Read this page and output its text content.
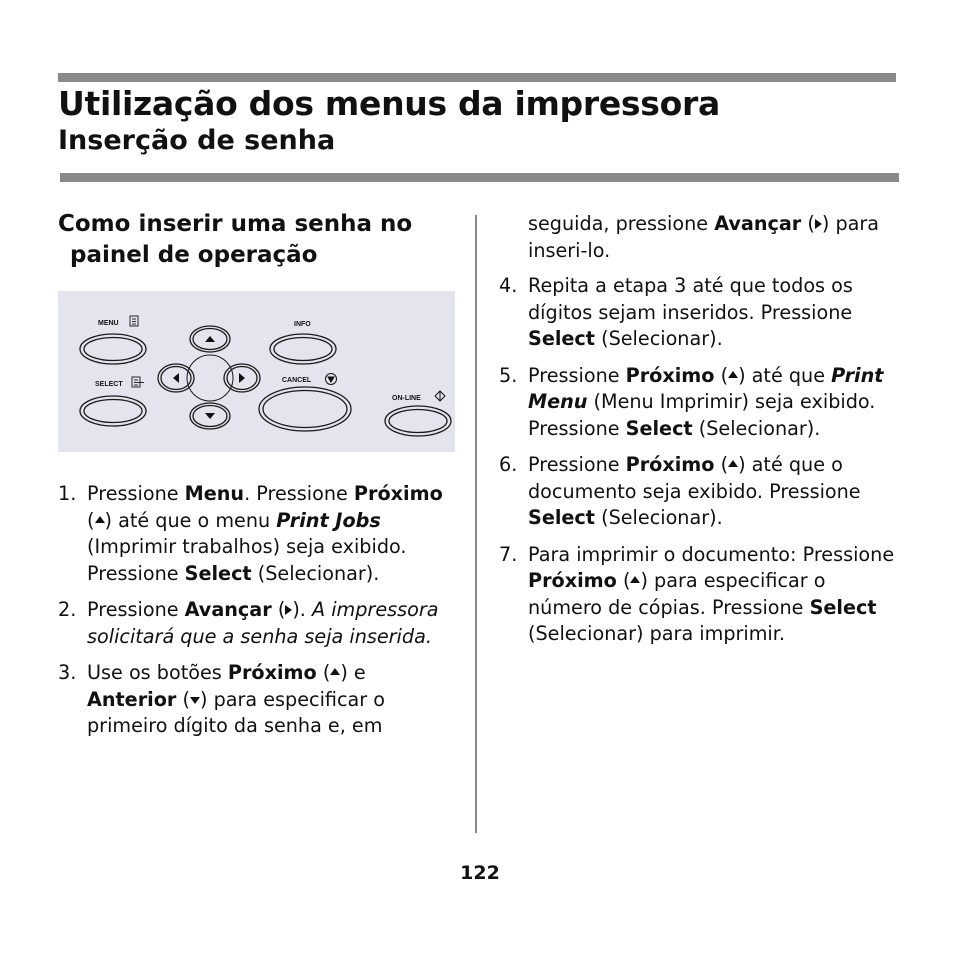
Utilização dos menus da impressora
Inserção de senha
Como inserir uma senha no
painel de operação
MENU
SELECT
INFO
CANCEL
ON-LINE
1. Pressione Menu. Pressione Próximo ( ) até que o menu Print Jobs (Imprimir trabalhos) seja exibido. Pressione Select (Selecionar).
2. Pressione Avançar ( ). A impressora solicitará que a senha seja inserida.
3. Use os botões Próximo ( ) e Anterior ( ) para especificar o primeiro dígito da senha e, em

seguida, pressione Avançar ( ) para inseri-lo.

4. Repita a etapa 3 até que todos os dígitos sejam inseridos. Pressione Select (Selecionar).
5. Pressione Próximo ( ) até que Print Menu (Menu Imprimir) seja exibido. Pressione Select (Selecionar).
6. Pressione Próximo ( ) até que o documento seja exibido. Pressione Select (Selecionar).
7. Para imprimir o documento: Pressione Próximo ( ) para especificar o número de cópias. Pressione Select (Selecionar) para imprimir.

122
